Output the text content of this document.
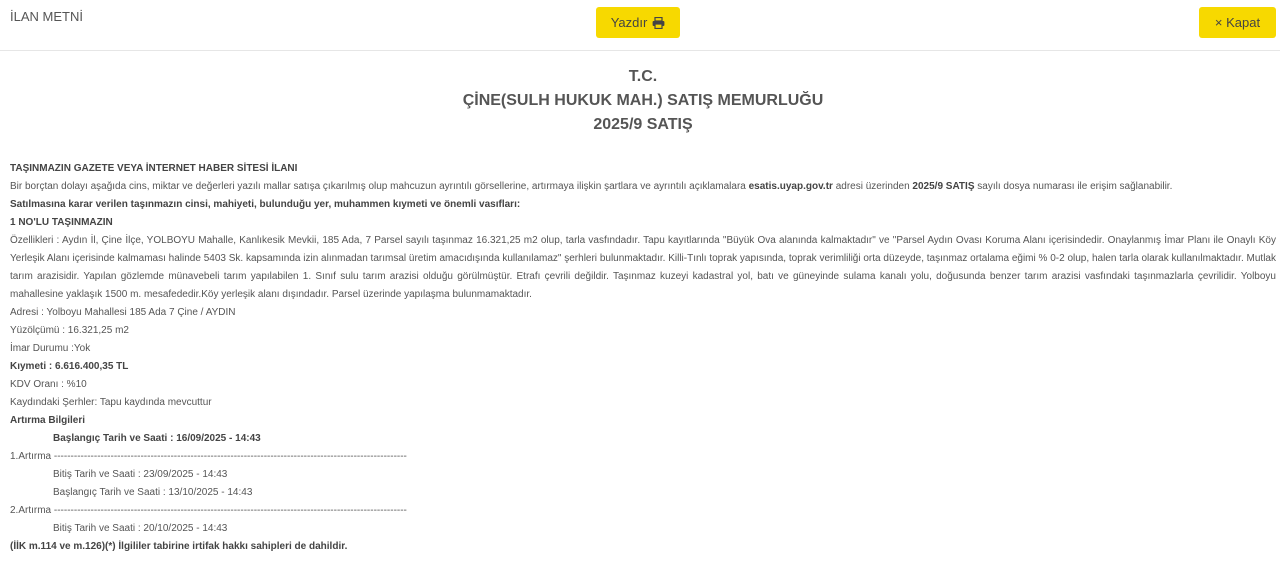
İLAN METNİ	Yazdır	× Kapat
T.C.
ÇİNE(SULH HUKUK MAH.) SATIŞ MEMURLUĞU
2025/9 SATIŞ

TAŞINMAZIN GAZETE VEYA İNTERNET HABER SİTESİ İLANI

Bir borçtan dolayı aşağıda cins, miktar ve değerleri yazılı mallar satışa çıkarılmış olup mahcuzun ayrıntılı görsellerine, artırmaya ilişkin şartlara ve ayrıntılı açıklamalara esatis.uyap.gov.tr adresi üzerinden 2025/9 SATIŞ sayılı dosya numarası ile erişim sağlanabilir.

Satılmasına karar verilen taşınmazın cinsi, mahiyeti, bulunduğu yer, muhammen kıymeti ve önemli vasıfları:

1 NO'LU TAŞINMAZIN

Özellikleri : Aydın İl, Çine İlçe, YOLBOYU Mahalle, Kanlıkesik Mevkii, 185 Ada, 7 Parsel sayılı taşınmaz 16.321,25 m2 olup, tarla vasfındadır. Tapu kayıtlarında "Büyük Ova alanında kalmaktadır" ve "Parsel Aydın Ovası Koruma Alanı içerisindedir. Onaylanmış İmar Planı ile Onaylı Köy Yerleşik Alanı içerisinde kalmaması halinde 5403 Sk. kapsamında izin alınmadan tarımsal üretim amacıdışında kullanılamaz" şerhleri bulunmaktadır. Killi-Tınlı toprak yapısında, toprak verimliliği orta düzeyde, taşınmaz ortalama eğimi % 0-2 olup, halen tarla olarak kullanılmaktadır. Mutlak tarım arazisidir. Yapılan gözlemde münavebeli tarım yapılabilen 1. Sınıf sulu tarım arazisi olduğu görülmüştür. Etrafı çevrili değildir. Taşınmaz kuzeyi kadastral yol, batı ve güneyinde sulama kanalı yolu, doğusunda benzer tarım arazisi vasfındaki taşınmazlarla çevrilidir. Yolboyu mahallesine yaklaşık 1500 m. mesafededir.Köy yerleşik alanı dışındadır. Parsel üzerinde yapılaşma bulunmamaktadır.

Adresi : Yolboyu Mahallesi 185 Ada 7 Çine / AYDIN

Yüzölçümü : 16.321,25 m2

İmar Durumu :Yok

Kıymeti : 6.616.400,35 TL

KDV Oranı : %10

Kaydındaki Şerhler: Tapu kaydında mevcuttur

Artırma Bilgileri

Başlangıç Tarih ve Saati : 16/09/2025 - 14:43

1.Artırma ----------------------------------------------------------------------------------------------------------

Bitiş Tarih ve Saati : 23/09/2025 - 14:43

Başlangıç Tarih ve Saati : 13/10/2025 - 14:43

2.Artırma ----------------------------------------------------------------------------------------------------------

Bitiş Tarih ve Saati : 20/10/2025 - 14:43

(İİK m.114 ve m.126)(*) İlgililer tabirine irtifak hakkı sahipleri de dahildir.
